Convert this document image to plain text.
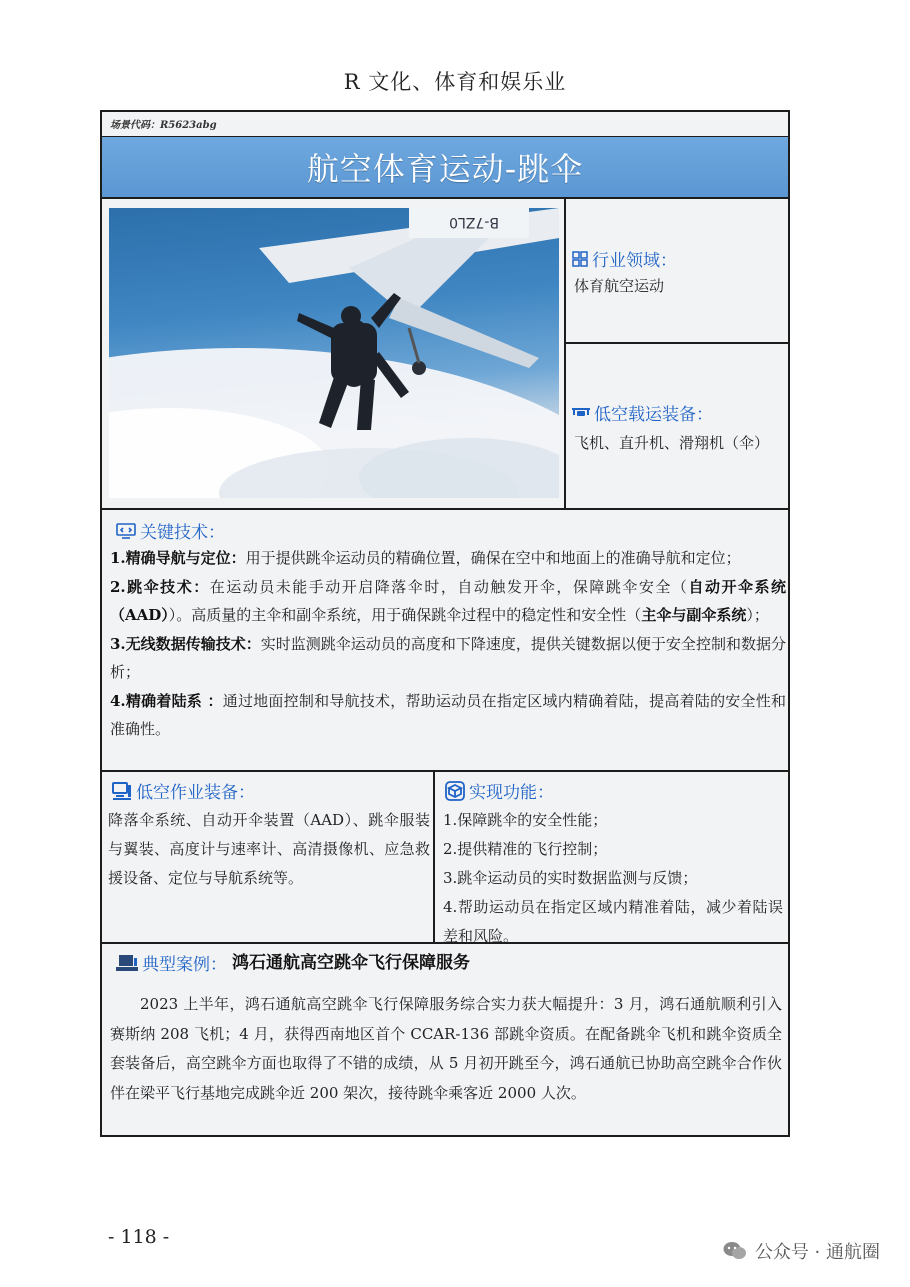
R 文化、体育和娱乐业
场景代码：R5623abg
航空体育运动-跳伞
B-7ZL0
行业领域：
体育航空运动
低空载运装备：
飞机、直升机、滑翔机（伞）
关键技术：
1.精确导航与定位：用于提供跳伞运动员的精确位置，确保在空中和地面上的准确导航和定位；
2.跳伞技术：在运动员未能手动开启降落伞时，自动触发开伞，保障跳伞安全（自动开伞系统（AAD））。高质量的主伞和副伞系统，用于确保跳伞过程中的稳定性和安全性（主伞与副伞系统）；
3.无线数据传输技术：实时监测跳伞运动员的高度和下降速度，提供关键数据以便于安全控制和数据分析；
4.精确着陆系 ：通过地面控制和导航技术，帮助运动员在指定区域内精确着陆，提高着陆的安全性和准确性。
低空作业装备：
降落伞系统、自动开伞装置（AAD）、跳伞服装与翼装、高度计与速率计、高清摄像机、应急救援设备、定位与导航系统等。
实现功能：
1.保障跳伞的安全性能；
2.提供精准的飞行控制；
3.跳伞运动员的实时数据监测与反馈；
4.帮助运动员在指定区域内精准着陆，减少着陆误差和风险。
典型案例： 鸿石通航高空跳伞飞行保障服务
2023 上半年，鸿石通航高空跳伞飞行保障服务综合实力获大幅提升：3 月，鸿石通航顺利引入赛斯纳 208 飞机；4 月，获得西南地区首个 CCAR-136 部跳伞资质。在配备跳伞飞机和跳伞资质全套装备后，高空跳伞方面也取得了不错的成绩，从 5 月初开跳至今，鸿石通航已协助高空跳伞合作伙伴在梁平飞行基地完成跳伞近 200 架次，接待跳伞乘客近 2000 人次。
- 118 -
公众号 · 通航圈
